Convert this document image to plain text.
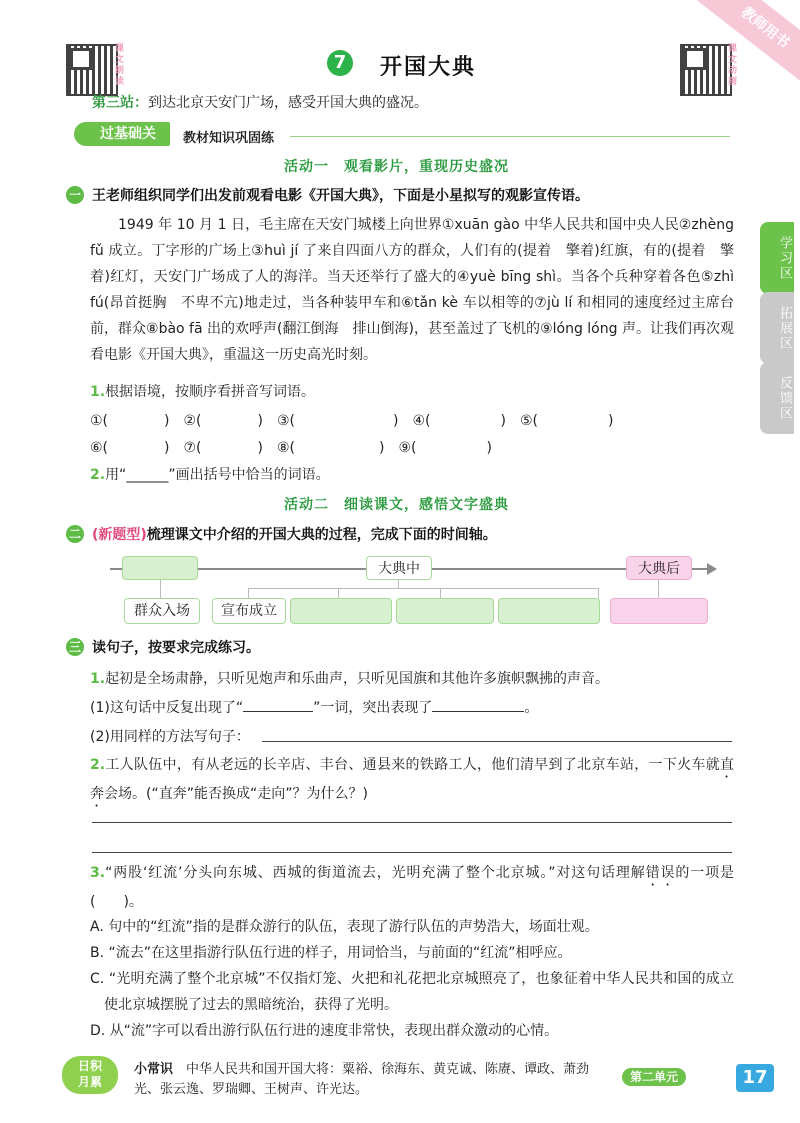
教师用书
课文朗读
7	开国大典
课文动画
第三站：到达北京天安门广场，感受开国大典的盛况。
过基础关	教材知识巩固练
活动一　观看影片，重现历史盛况
一 王老师组织同学们出发前观看电影《开国大典》，下面是小星拟写的观影宣传语。
1949 年 10 月 1 日，毛主席在天安门城楼上向世界①xuān gào 中华人民共和国中央人民②zhèng fǔ 成立。丁字形的广场上③huì jí 了来自四面八方的群众，人们有的(提着　擎着)红旗，有的(提着　擎着)红灯，天安门广场成了人的海洋。当天还举行了盛大的④yuè bīng shì。当各个兵种穿着各色⑤zhì fú(昂首挺胸　不卑不亢)地走过，当各种装甲车和⑥tǎn kè 车以相等的⑦jù lí 和相同的速度经过主席台前，群众⑧bào fā 出的欢呼声(翻江倒海　排山倒海)，甚至盖过了飞机的⑨lóng lóng 声。让我们再次观看电影《开国大典》，重温这一历史高光时刻。
1.根据语境，按顺序看拼音写词语。
①(　　　　) ②(　　　　) ③(　　　　　　　) ④(　　　　　) ⑤(　　　　　)
⑥(　　　　) ⑦(　　　　) ⑧(　　　　　　) ⑨(　　　　　)
2.用“______”画出括号中恰当的词语。
活动二　细读课文，感悟文字盛典
二 (新题型)梳理课文中介绍的开国大典的过程，完成下面的时间轴。
大典中	大典后
群众入场	宣布成立
三 读句子，按要求完成练习。
1.起初是全场肃静，只听见炮声和乐曲声，只听见国旗和其他许多旗帜飘拂的声音。
(1)这句话中反复出现了“	”一词，突出表现了	。
(2)用同样的方法写句子：
2.工人队伍中，有从老远的长辛店、丰台、通县来的铁路工人，他们清早到了北京车站，一下火车就直奔会场。(“直奔”能否换成“走向”？为什么？)
3.“两股‘红流’分头向东城、西城的街道流去，光明充满了整个北京城。”对这句话理解错误的一项是(　　)。
A. 句中的“红流”指的是群众游行的队伍，表现了游行队伍的声势浩大，场面壮观。
B. “流去”在这里指游行队伍行进的样子，用词恰当，与前面的“红流”相呼应。
C. “光明充满了整个北京城”不仅指灯笼、火把和礼花把北京城照亮了，也象征着中华人民共和国的成立使北京城摆脱了过去的黑暗统治，获得了光明。
D. 从“流”字可以看出游行队伍行进的速度非常快，表现出群众激动的心情。
学习区
拓展区
反馈区
日积
月累
小常识　 中华人民共和国开国大将：粟裕、徐海东、黄克诚、陈赓、谭政、萧劲光、张云逸、罗瑞卿、王树声、许光达。
第二单元	17
